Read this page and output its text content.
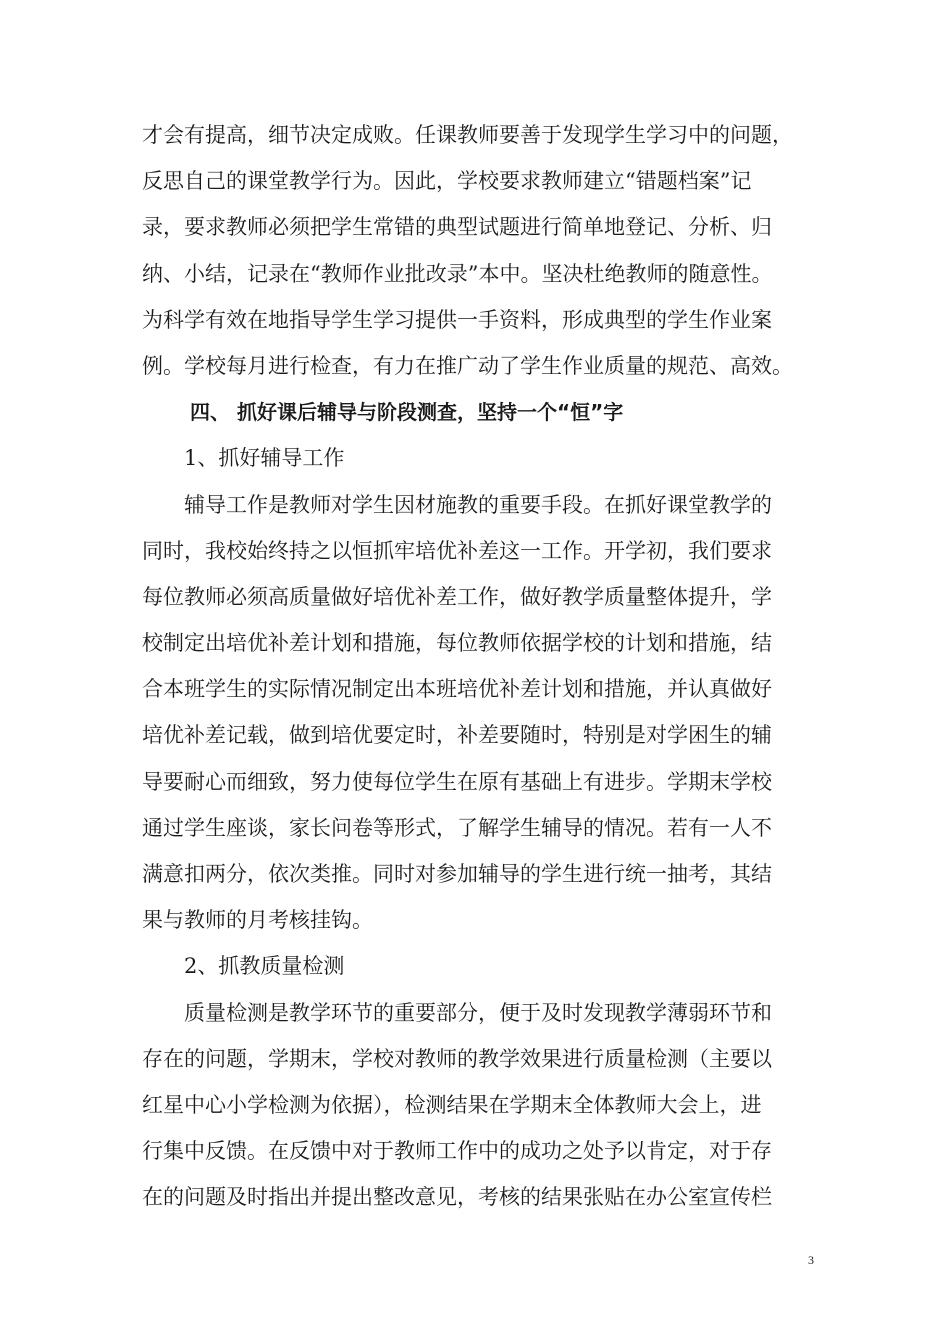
才会有提高，细节决定成败。任课教师要善于发现学生学习中的问题，
反思自己的课堂教学行为。因此，学校要求教师建立“错题档案”记
录，要求教师必须把学生常错的典型试题进行简单地登记、分析、归
纳、小结，记录在“教师作业批改录”本中。坚决杜绝教师的随意性。
为科学有效在地指导学生学习提供一手资料，形成典型的学生作业案
例。学校每月进行检查，有力在推广动了学生作业质量的规范、高效。
四、 抓好课后辅导与阶段测查，坚持一个“恒”字
1、抓好辅导工作
辅导工作是教师对学生因材施教的重要手段。在抓好课堂教学的
同时，我校始终持之以恒抓牢培优补差这一工作。开学初，我们要求
每位教师必须高质量做好培优补差工作，做好教学质量整体提升，学
校制定出培优补差计划和措施，每位教师依据学校的计划和措施，结
合本班学生的实际情况制定出本班培优补差计划和措施，并认真做好
培优补差记载，做到培优要定时，补差要随时，特别是对学困生的辅
导要耐心而细致，努力使每位学生在原有基础上有进步。学期末学校
通过学生座谈，家长问卷等形式，了解学生辅导的情况。若有一人不
满意扣两分，依次类推。同时对参加辅导的学生进行统一抽考，其结
果与教师的月考核挂钩。
2、抓教质量检测
质量检测是教学环节的重要部分，便于及时发现教学薄弱环节和
存在的问题，学期末，学校对教师的教学效果进行质量检测（主要以
红星中心小学检测为依据），检测结果在学期末全体教师大会上，进
行集中反馈。在反馈中对于教师工作中的成功之处予以肯定，对于存
在的问题及时指出并提出整改意见，考核的结果张贴在办公室宣传栏
3
